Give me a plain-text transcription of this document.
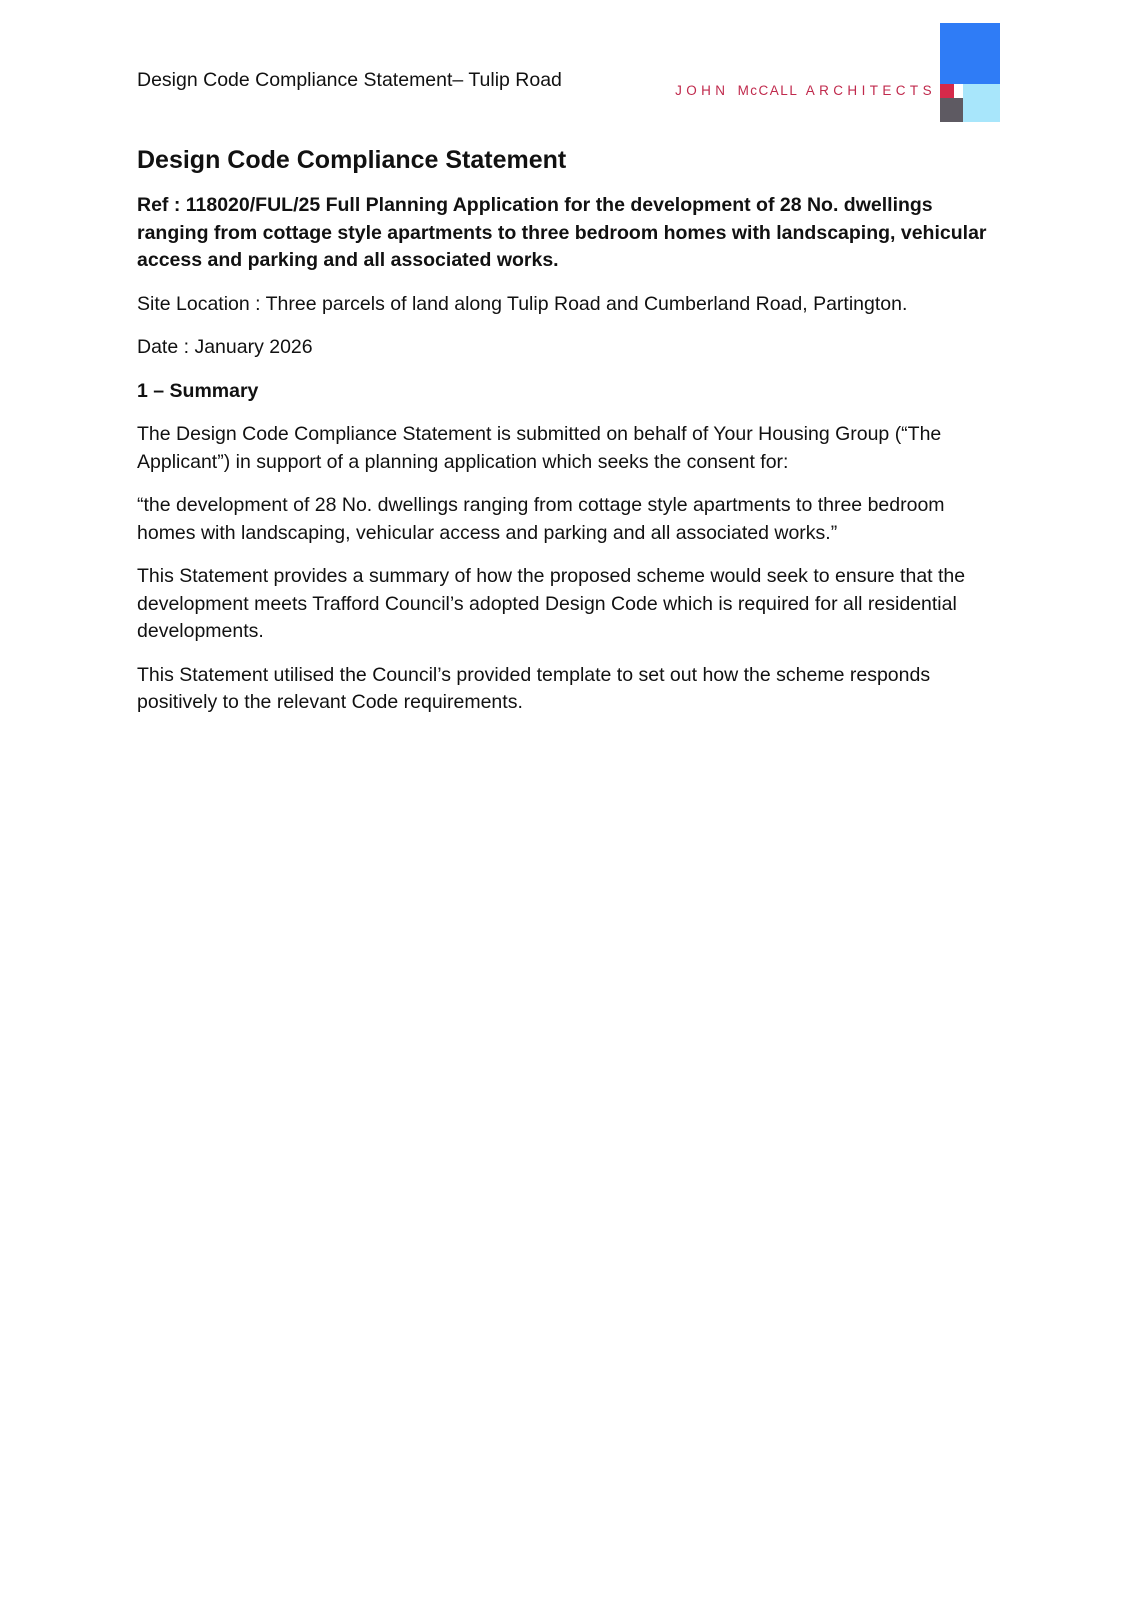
Design Code Compliance Statement– Tulip Road	JOHN McCALL ARCHITECTS
Design Code Compliance Statement

Ref : 118020/FUL/25 Full Planning Application for the development of 28 No. dwellings ranging from cottage style apartments to three bedroom homes with landscaping, vehicular access and parking and all associated works.

Site Location : Three parcels of land along Tulip Road and Cumberland Road, Partington.

Date : January 2026

1 – Summary

The Design Code Compliance Statement is submitted on behalf of Your Housing Group (“The Applicant”) in support of a planning application which seeks the consent for:

“the development of 28 No. dwellings ranging from cottage style apartments to three bedroom homes with landscaping, vehicular access and parking and all associated works.”

This Statement provides a summary of how the proposed scheme would seek to ensure that the development meets Trafford Council’s adopted Design Code which is required for all residential developments.

This Statement utilised the Council’s provided template to set out how the scheme responds positively to the relevant Code requirements.
